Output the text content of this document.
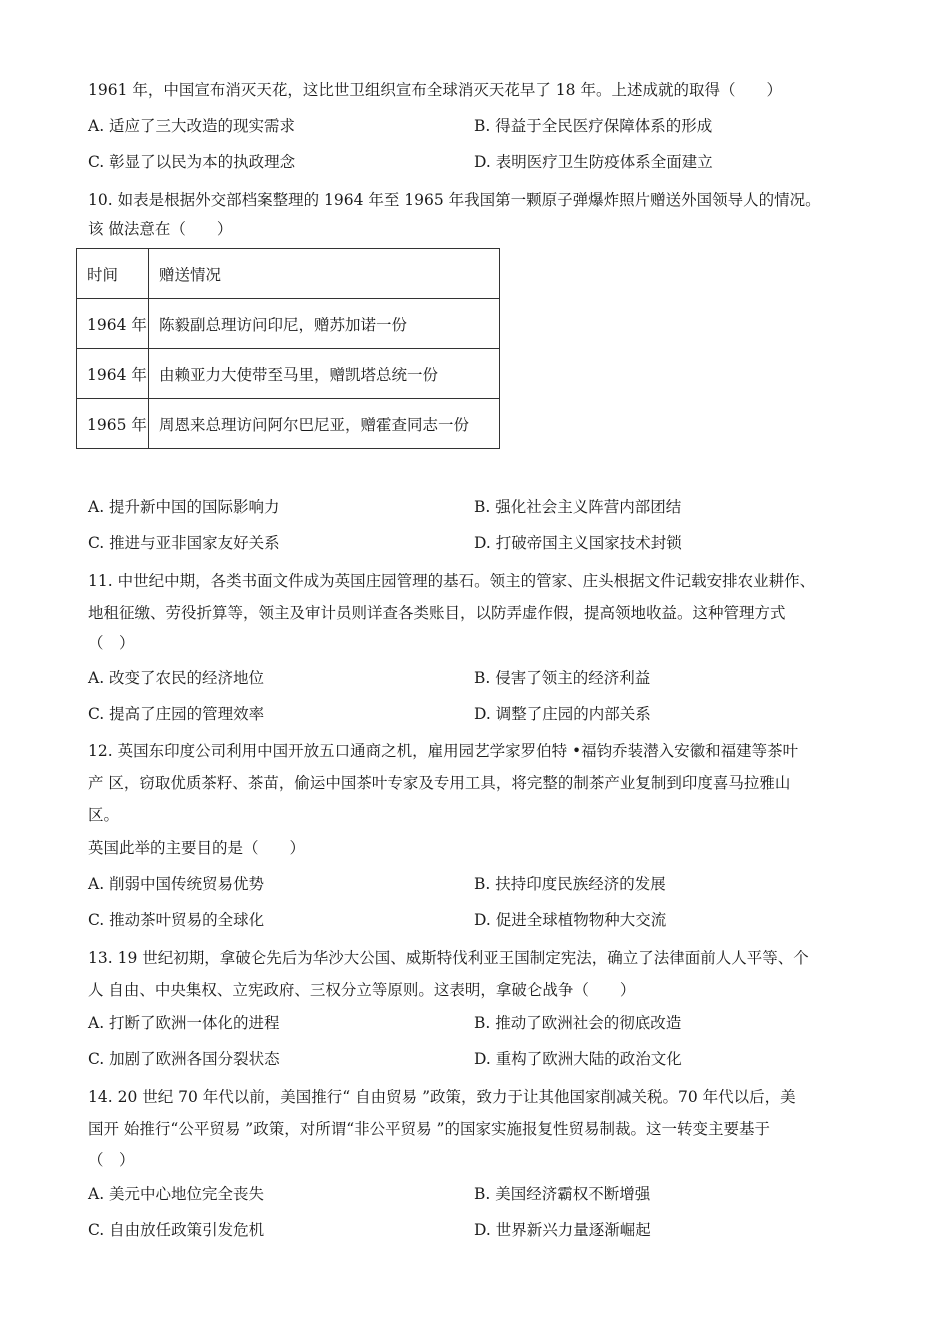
1961 年，中国宣布消灭天花，这比世卫组织宣布全球消灭天花早了 18 年。上述成就的取得（　　）
A. 适应了三大改造的现实需求	B. 得益于全民医疗保障体系的形成
C. 彰显了以民为本的执政理念	D. 表明医疗卫生防疫体系全面建立
10. 如表是根据外交部档案整理的 1964 年至 1965 年我国第一颗原子弹爆炸照片赠送外国领导人的情况。
该 做法意在（　　）
时间	赠送情况
1964 年	陈毅副总理访问印尼，赠苏加诺一份
1964 年	由赖亚力大使带至马里，赠凯塔总统一份
1965 年	周恩来总理访问阿尔巴尼亚，赠霍查同志一份
A. 提升新中国的国际影响力	B. 强化社会主义阵营内部团结
C. 推进与亚非国家友好关系	D. 打破帝国主义国家技术封锁
11. 中世纪中期，各类书面文件成为英国庄园管理的基石。领主的管家、庄头根据文件记载安排农业耕作、
地租征缴、劳役折算等，领主及审计员则详查各类账目，以防弄虚作假，提高领地收益。这种管理方式
（　）
A. 改变了农民的经济地位	B. 侵害了领主的经济利益
C. 提高了庄园的管理效率	D. 调整了庄园的内部关系
12. 英国东印度公司利用中国开放五口通商之机，雇用园艺学家罗伯特 •福钧乔装潜入安徽和福建等茶叶
产 区，窃取优质茶籽、茶苗，偷运中国茶叶专家及专用工具，将完整的制茶产业复制到印度喜马拉雅山
区。
英国此举的主要目的是（　　）
A. 削弱中国传统贸易优势	B. 扶持印度民族经济的发展
C. 推动茶叶贸易的全球化	D. 促进全球植物物种大交流
13. 19 世纪初期，拿破仑先后为华沙大公国、威斯特伐利亚王国制定宪法，确立了法律面前人人平等、个
人 自由、中央集权、立宪政府、三权分立等原则。这表明，拿破仑战争（　　）
A. 打断了欧洲一体化的进程	B. 推动了欧洲社会的彻底改造
C. 加剧了欧洲各国分裂状态	D. 重构了欧洲大陆的政治文化
14. 20 世纪 70 年代以前，美国推行“ 自由贸易 ”政策，致力于让其他国家削减关税。70 年代以后，美
国开 始推行“公平贸易 ”政策，对所谓“非公平贸易 ”的国家实施报复性贸易制裁。这一转变主要基于
（　）
A. 美元中心地位完全丧失	B. 美国经济霸权不断增强
C. 自由放任政策引发危机	D. 世界新兴力量逐渐崛起
